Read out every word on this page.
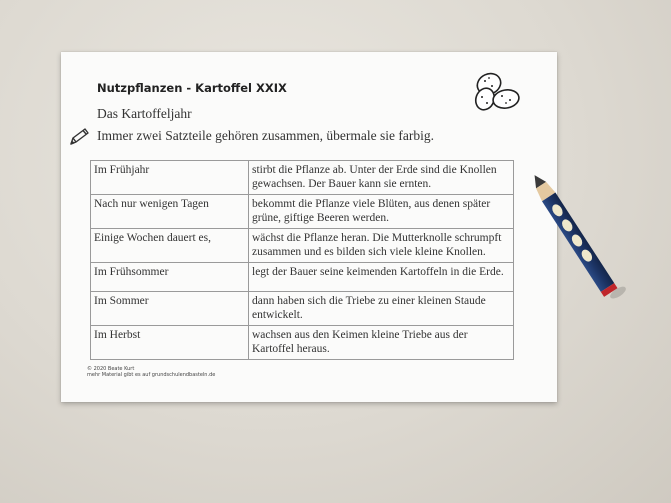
Nutzpflanzen - Kartoffel XXIX
Das Kartoffeljahr
Immer zwei Satzteile gehören zusammen, übermale sie farbig.
Im Frühjahr	stirbt die Pflanze ab. Unter der Erde sind die Knollen gewachsen. Der Bauer kann sie ernten.
Nach nur wenigen Tagen	bekommt die Pflanze viele Blüten, aus denen später grüne, giftige Beeren werden.
Einige Wochen dauert es,	wächst die Pflanze heran. Die Mutterknolle schrumpft zusammen und es bilden sich viele kleine Knollen.
Im Frühsommer	legt der Bauer seine keimenden Kartoffeln in die Erde.
Im Sommer	dann haben sich die Triebe zu einer kleinen Staude entwickelt.
Im Herbst	wachsen aus den Keimen kleine Triebe aus der Kartoffel heraus.
© 2020 Beate Kurt
mehr Material gibt es auf grundschulendbasteln.de
